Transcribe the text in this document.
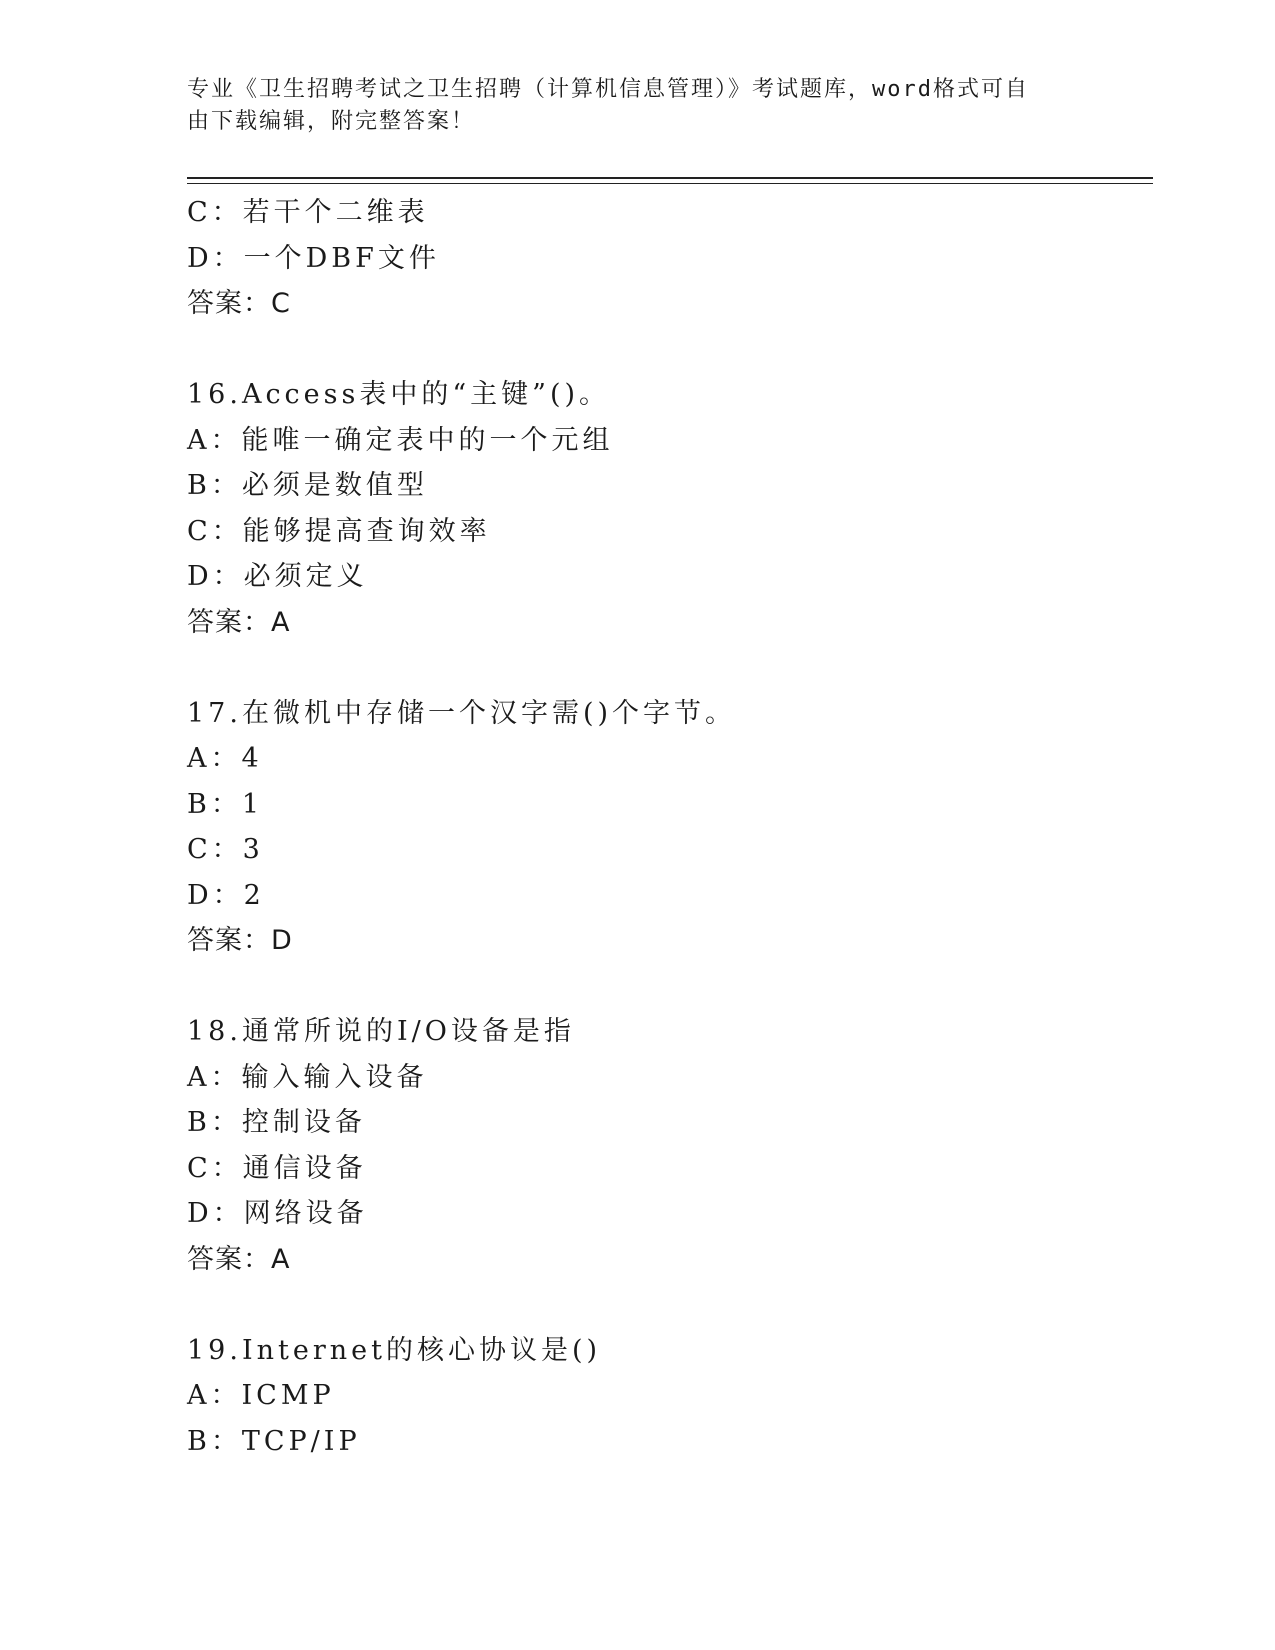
专业《卫生招聘考试之卫生招聘（计算机信息管理）》考试题库，word格式可自
由下载编辑，附完整答案！
C：若干个二维表
D：一个DBF文件
答案：C
16.Access表中的“主键”()。
A：能唯一确定表中的一个元组
B：必须是数值型
C：能够提高查询效率
D：必须定义
答案：A
17.在微机中存储一个汉字需()个字节。
A：4
B：1
C：3
D：2
答案：D
18.通常所说的I/O设备是指
A：输入输入设备
B：控制设备
C：通信设备
D：网络设备
答案：A
19.Internet的核心协议是()
A：ICMP
B：TCP/IP
